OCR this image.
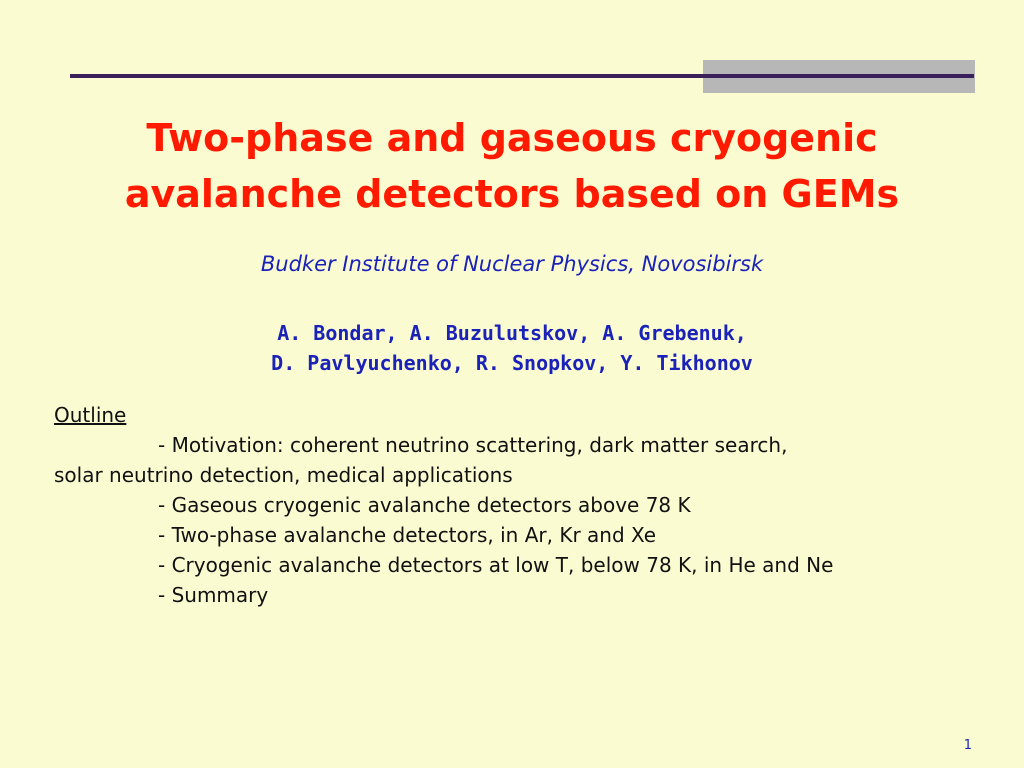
Two-phase and gaseous cryogenic
avalanche detectors based on GEMs
Budker Institute of Nuclear Physics, Novosibirsk
A. Bondar, A. Buzulutskov, A. Grebenuk,
D. Pavlyuchenko, R. Snopkov, Y. Tikhonov
Outline
- Motivation: coherent neutrino scattering, dark matter search,
solar neutrino detection, medical applications
- Gaseous cryogenic avalanche detectors above 78 K
- Two-phase avalanche detectors, in Ar, Kr and Xe
- Cryogenic avalanche detectors at low T, below 78 K, in He and Ne
- Summary
1
